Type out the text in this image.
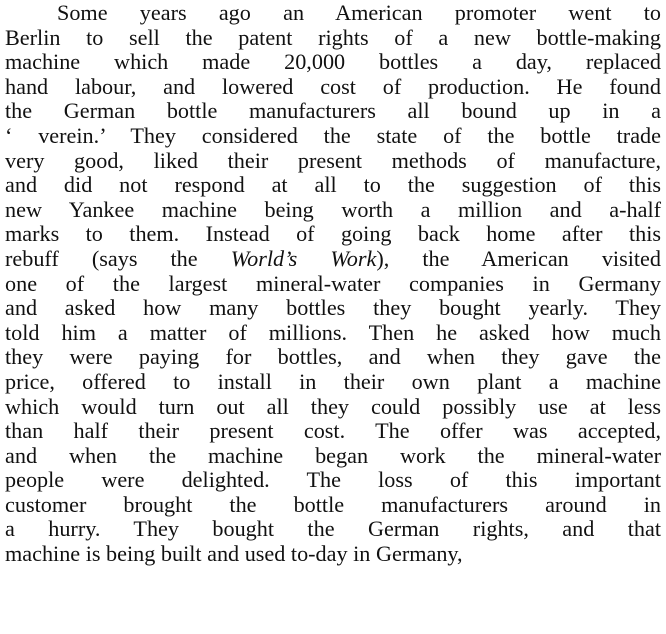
Some years ago an American promoter went to
Berlin to sell the patent rights of a new bottle-making
machine which made 20,000 bottles a day, replaced
hand labour, and lowered cost of production. He found
the German bottle manufacturers all bound up in a
‘ verein.’ They considered the state of the bottle trade
very good, liked their present methods of manufacture,
and did not respond at all to the suggestion of this
new Yankee machine being worth a million and a-half
marks to them. Instead of going back home after this
rebuff (says the World’s Work), the American visited
one of the largest mineral-water companies in Germany
and asked how many bottles they bought yearly. They
told him a matter of millions. Then he asked how much
they were paying for bottles, and when they gave the
price, offered to install in their own plant a machine
which would turn out all they could possibly use at less
than half their present cost. The offer was accepted,
and when the machine began work the mineral-water
people were delighted. The loss of this important
customer brought the bottle manufacturers around in
a hurry. They bought the German rights, and that
machine is being built and used to-day in Germany,
